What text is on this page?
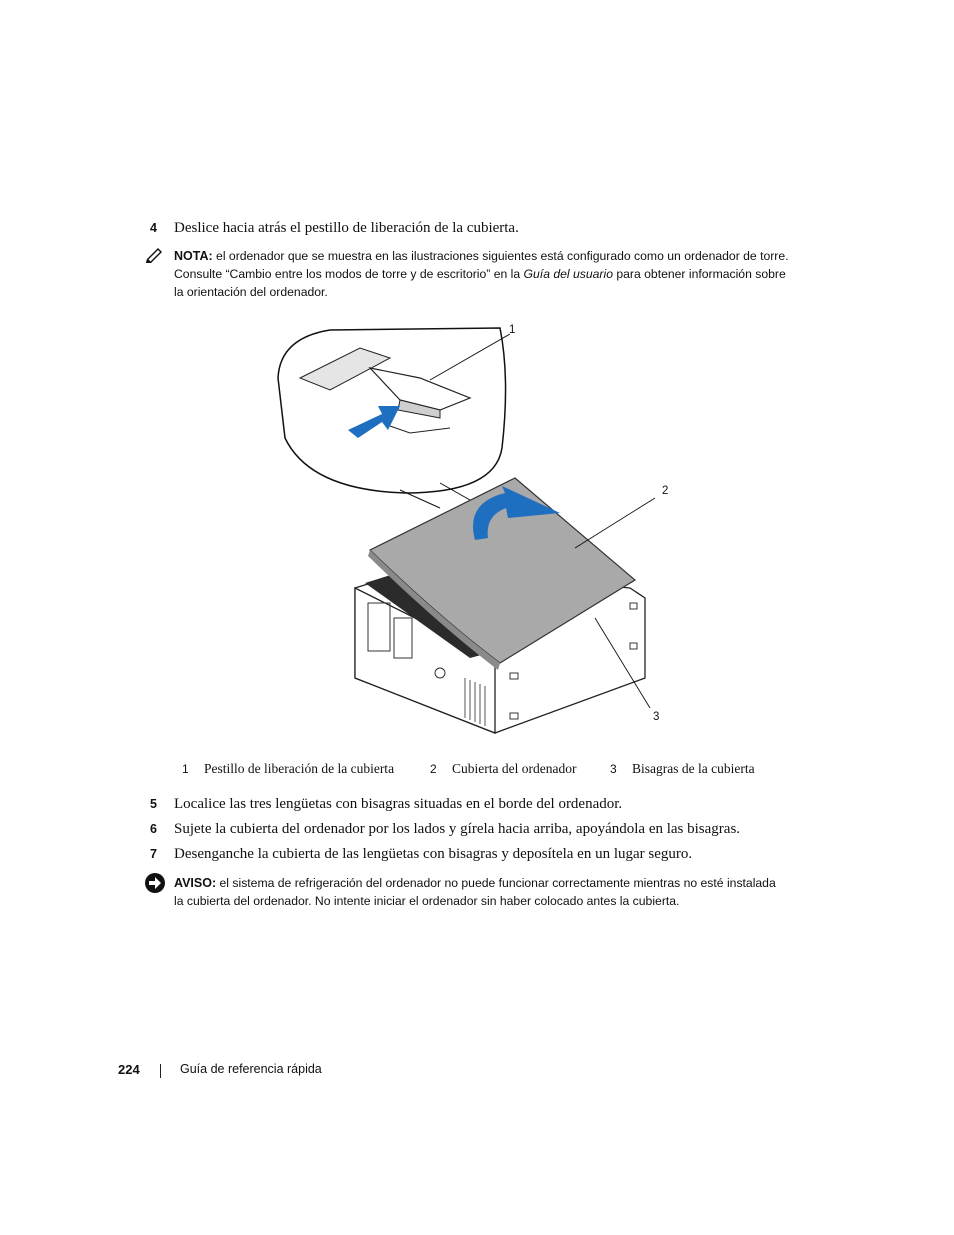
4 Deslice hacia atrás el pestillo de liberación de la cubierta.
NOTA: el ordenador que se muestra en las ilustraciones siguientes está configurado como un ordenador de torre.
Consulte “Cambio entre los modos de torre y de escritorio” en la Guía del usuario para obtener información sobre
la orientación del ordenador.
1
2
3
1 Pestillo de liberación de la cubierta	2 Cubierta del ordenador	3 Bisagras de la cubierta
5 Localice las tres lengüetas con bisagras situadas en el borde del ordenador.
6 Sujete la cubierta del ordenador por los lados y gírela hacia arriba, apoyándola en las bisagras.
7 Desenganche la cubierta de las lengüetas con bisagras y deposítela en un lugar seguro.
AVISO: el sistema de refrigeración del ordenador no puede funcionar correctamente mientras no esté instalada
la cubierta del ordenador. No intente iniciar el ordenador sin haber colocado antes la cubierta.
224	Guía de referencia rápida
